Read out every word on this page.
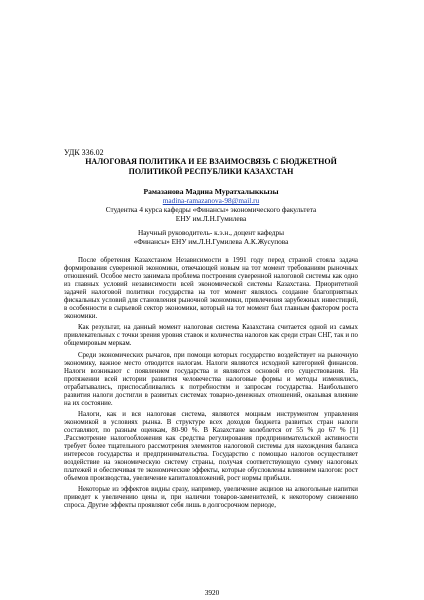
УДК 336.02

НАЛОГОВАЯ ПОЛИТИКА И ЕЕ ВЗАИМОСВЯЗЬ С БЮДЖЕТНОЙ ПОЛИТИКОЙ РЕСПУБЛИКИ КАЗАХСТАН

Рамазанова Мадина Муратхалыккызы
madina-ramazanova-98@mail.ru

Студентка 4 курса кафедры «Финансы» экономического факультета

ЕНУ им.Л.Н.Гумилева

Научный руководитель- к.э.н., доцент кафедры

«Финансы» ЕНУ им.Л.Н.Гумилева А.К.Жусупова

После обретения Казахстаном Независимости в 1991 году перед страной стояла задача формирования суверенной экономики, отвечающей новым на тот момент требованиям рыночных отношений. Особое место занимала проблема построения суверенной налоговой системы как одно из главных условий независимости всей экономической системы Казахстана. Приоритетной задачей налоговой политики государства на тот момент являлось создание благоприятных фискальных условий для становления рыночной экономики, привлечения зарубежных инвестиций, в особенности в сырьевой сектор экономики, который на тот момент был главным фактором роста экономики.

Как результат, на данный момент налоговая система Казахстана считается одной из самых привлекательных с точки зрения уровня ставок и количества налогов как среди стран СНГ, так и по общемировым меркам.

Среди экономических рычагов, при помощи которых государство воздействует на рыночную экономику, важное место отводится налогам. Налоги являются исходной категорией финансов. Налоги возникают с появлением государства и являются основой его существования. На протяжении всей истории развития человечества налоговые формы и методы изменялись, отрабатывались, приспосабливались к потребностям и запросам государства. Наибольшего развития налоги достигли в развитых системах товарно-денежных отношений, оказывая влияние на их состояние.

Налоги, как и вся налоговая система, являются мощным инструментом управления экономикой в условиях рынка. В структуре всех доходов бюджета развитых стран налоги составляют, по разным оценкам, 80-90 %. В Казахстане колеблется от 55 % до 67 % [1] .Рассмотрение налогообложения как средства регулирования предпринимательской активности требует более тщательного рассмотрения элементов налоговой системы для нахождения баланса интересов государства и предпринимательства. Государство с помощью налогов осуществляет воздействие на экономическую систему страны, получая соответствующую сумму налоговых платежей и обеспечивая те экономические эффекты, которые обусловлены влиянием налогов: рост объемов производства, увеличение капиталовложений, рост нормы прибыли.

Некоторые из эффектов видны сразу, например, увеличение акцизов на алкогольные напитки приведет к увеличению цены и, при наличии товаров-заменителей, к некоторому снижению спроса. Другие эффекты проявляют себя лишь в долгосрочном периоде,

3920
